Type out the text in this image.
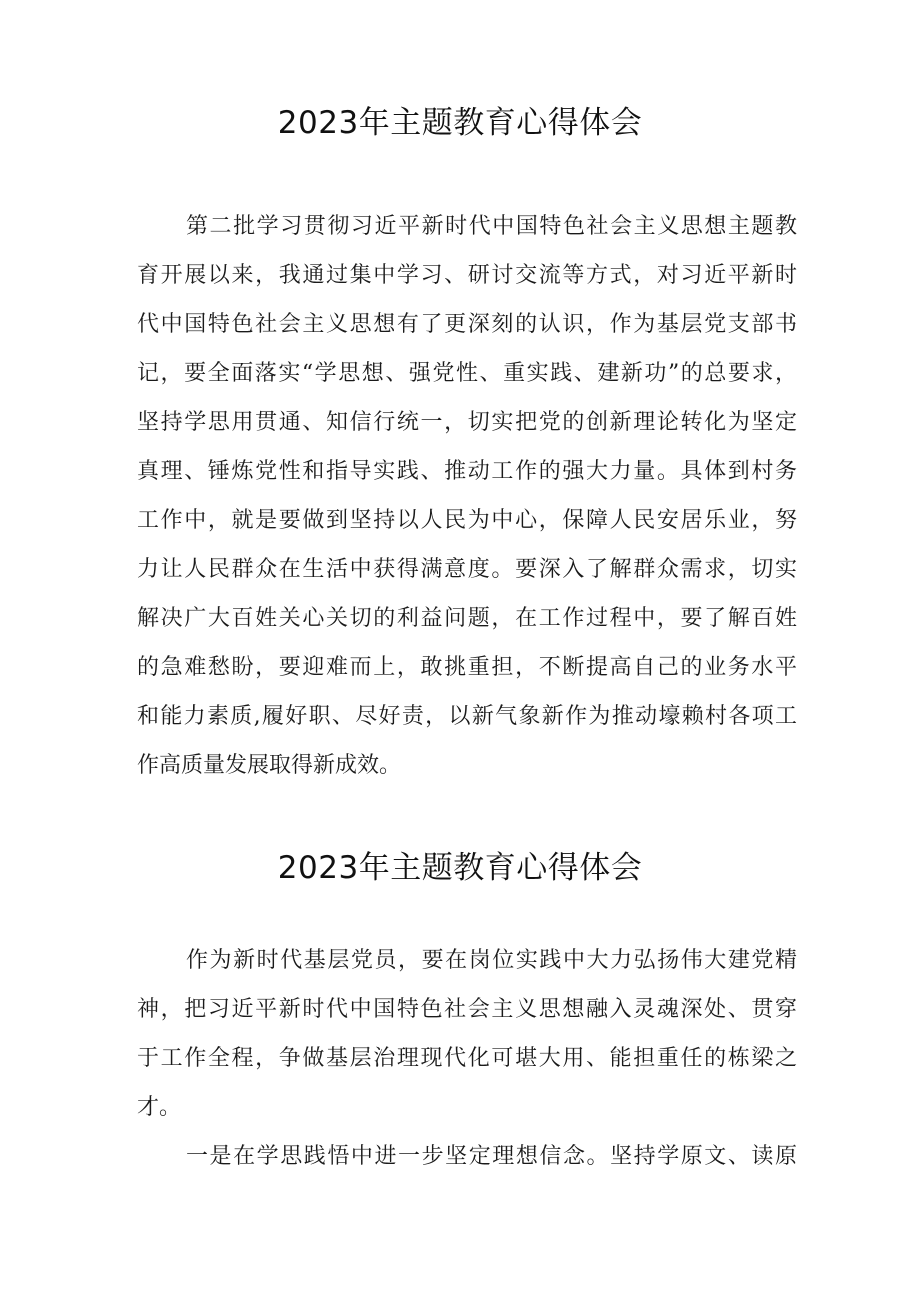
2023年主题教育心得体会
第二批学习贯彻习近平新时代中国特色社会主义思想主题教
育开展以来，我通过集中学习、研讨交流等方式，对习近平新时
代中国特色社会主义思想有了更深刻的认识，作为基层党支部书
记，要全面落实“学思想、强党性、重实践、建新功”的总要求，
坚持学思用贯通、知信行统一，切实把党的创新理论转化为坚定
真理、锤炼党性和指导实践、推动工作的强大力量。具体到村务
工作中，就是要做到坚持以人民为中心，保障人民安居乐业，努
力让人民群众在生活中获得满意度。要深入了解群众需求，切实
解决广大百姓关心关切的利益问题，在工作过程中，要了解百姓
的急难愁盼，要迎难而上，敢挑重担，不断提高自己的业务水平
和能力素质,履好职、尽好责，以新气象新作为推动壕赖村各项工
作高质量发展取得新成效。
2023年主题教育心得体会
作为新时代基层党员，要在岗位实践中大力弘扬伟大建党精
神，把习近平新时代中国特色社会主义思想融入灵魂深处、贯穿
于工作全程，争做基层治理现代化可堪大用、能担重任的栋梁之
才。
一是在学思践悟中进一步坚定理想信念。坚持学原文、读原
